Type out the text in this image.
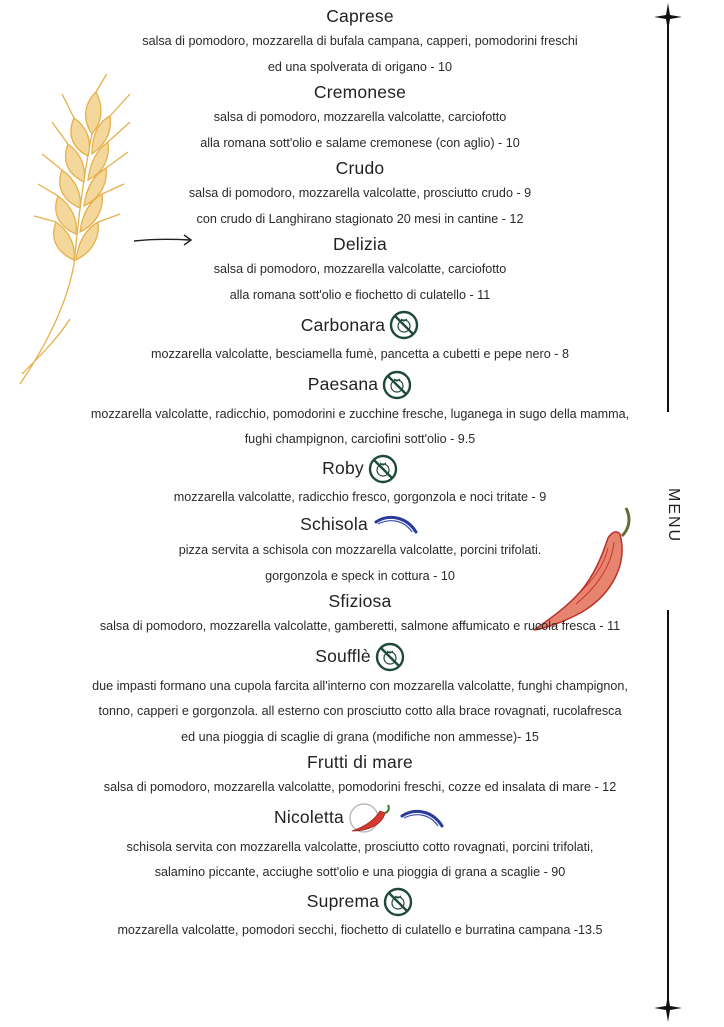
MENU
Caprese
salsa di pomodoro, mozzarella di bufala campana, capperi, pomodorini freschi
ed una spolverata di origano - 10
Cremonese
salsa di pomodoro, mozzarella valcolatte, carciofotto
alla romana sott'olio e salame cremonese (con aglio) - 10
Crudo
salsa di pomodoro, mozzarella valcolatte, prosciutto crudo - 9
con crudo di Langhirano stagionato 20 mesi in cantine - 12
Delizia
salsa di pomodoro, mozzarella valcolatte, carciofotto
alla romana sott'olio e fiochetto di culatello - 11
Carbonara
mozzarella valcolatte, besciamella fumè, pancetta a cubetti e pepe nero - 8
Paesana
mozzarella valcolatte, radicchio, pomodorini e zucchine fresche, luganega in sugo della mamma,
fughi champignon, carciofini sott'olio - 9.5
Roby
mozzarella valcolatte, radicchio fresco, gorgonzola e noci tritate - 9
Schisola
pizza servita a schisola con mozzarella valcolatte, porcini trifolati.
gorgonzola e speck in cottura - 10
Sfiziosa
salsa di pomodoro, mozzarella valcolatte, gamberetti, salmone affumicato e rucola fresca - 11
Soufflè
due impasti formano una cupola farcita all'interno con mozzarella valcolatte, funghi champignon,
tonno, capperi e gorgonzola. all esterno con prosciutto cotto alla brace rovagnati, rucolafresca
ed una pioggia di scaglie di grana (modifiche non ammesse)- 15
Frutti di mare
salsa di pomodoro, mozzarella valcolatte, pomodorini freschi, cozze ed insalata di mare - 12
Nicoletta
schisola servita con mozzarella valcolatte, prosciutto cotto rovagnati, porcini trifolati,
salamino piccante, acciughe sott'olio e una pioggia di grana a scaglie - 90
Suprema
mozzarella valcolatte, pomodori secchi, fiochetto di culatello e burratina campana -13.5
